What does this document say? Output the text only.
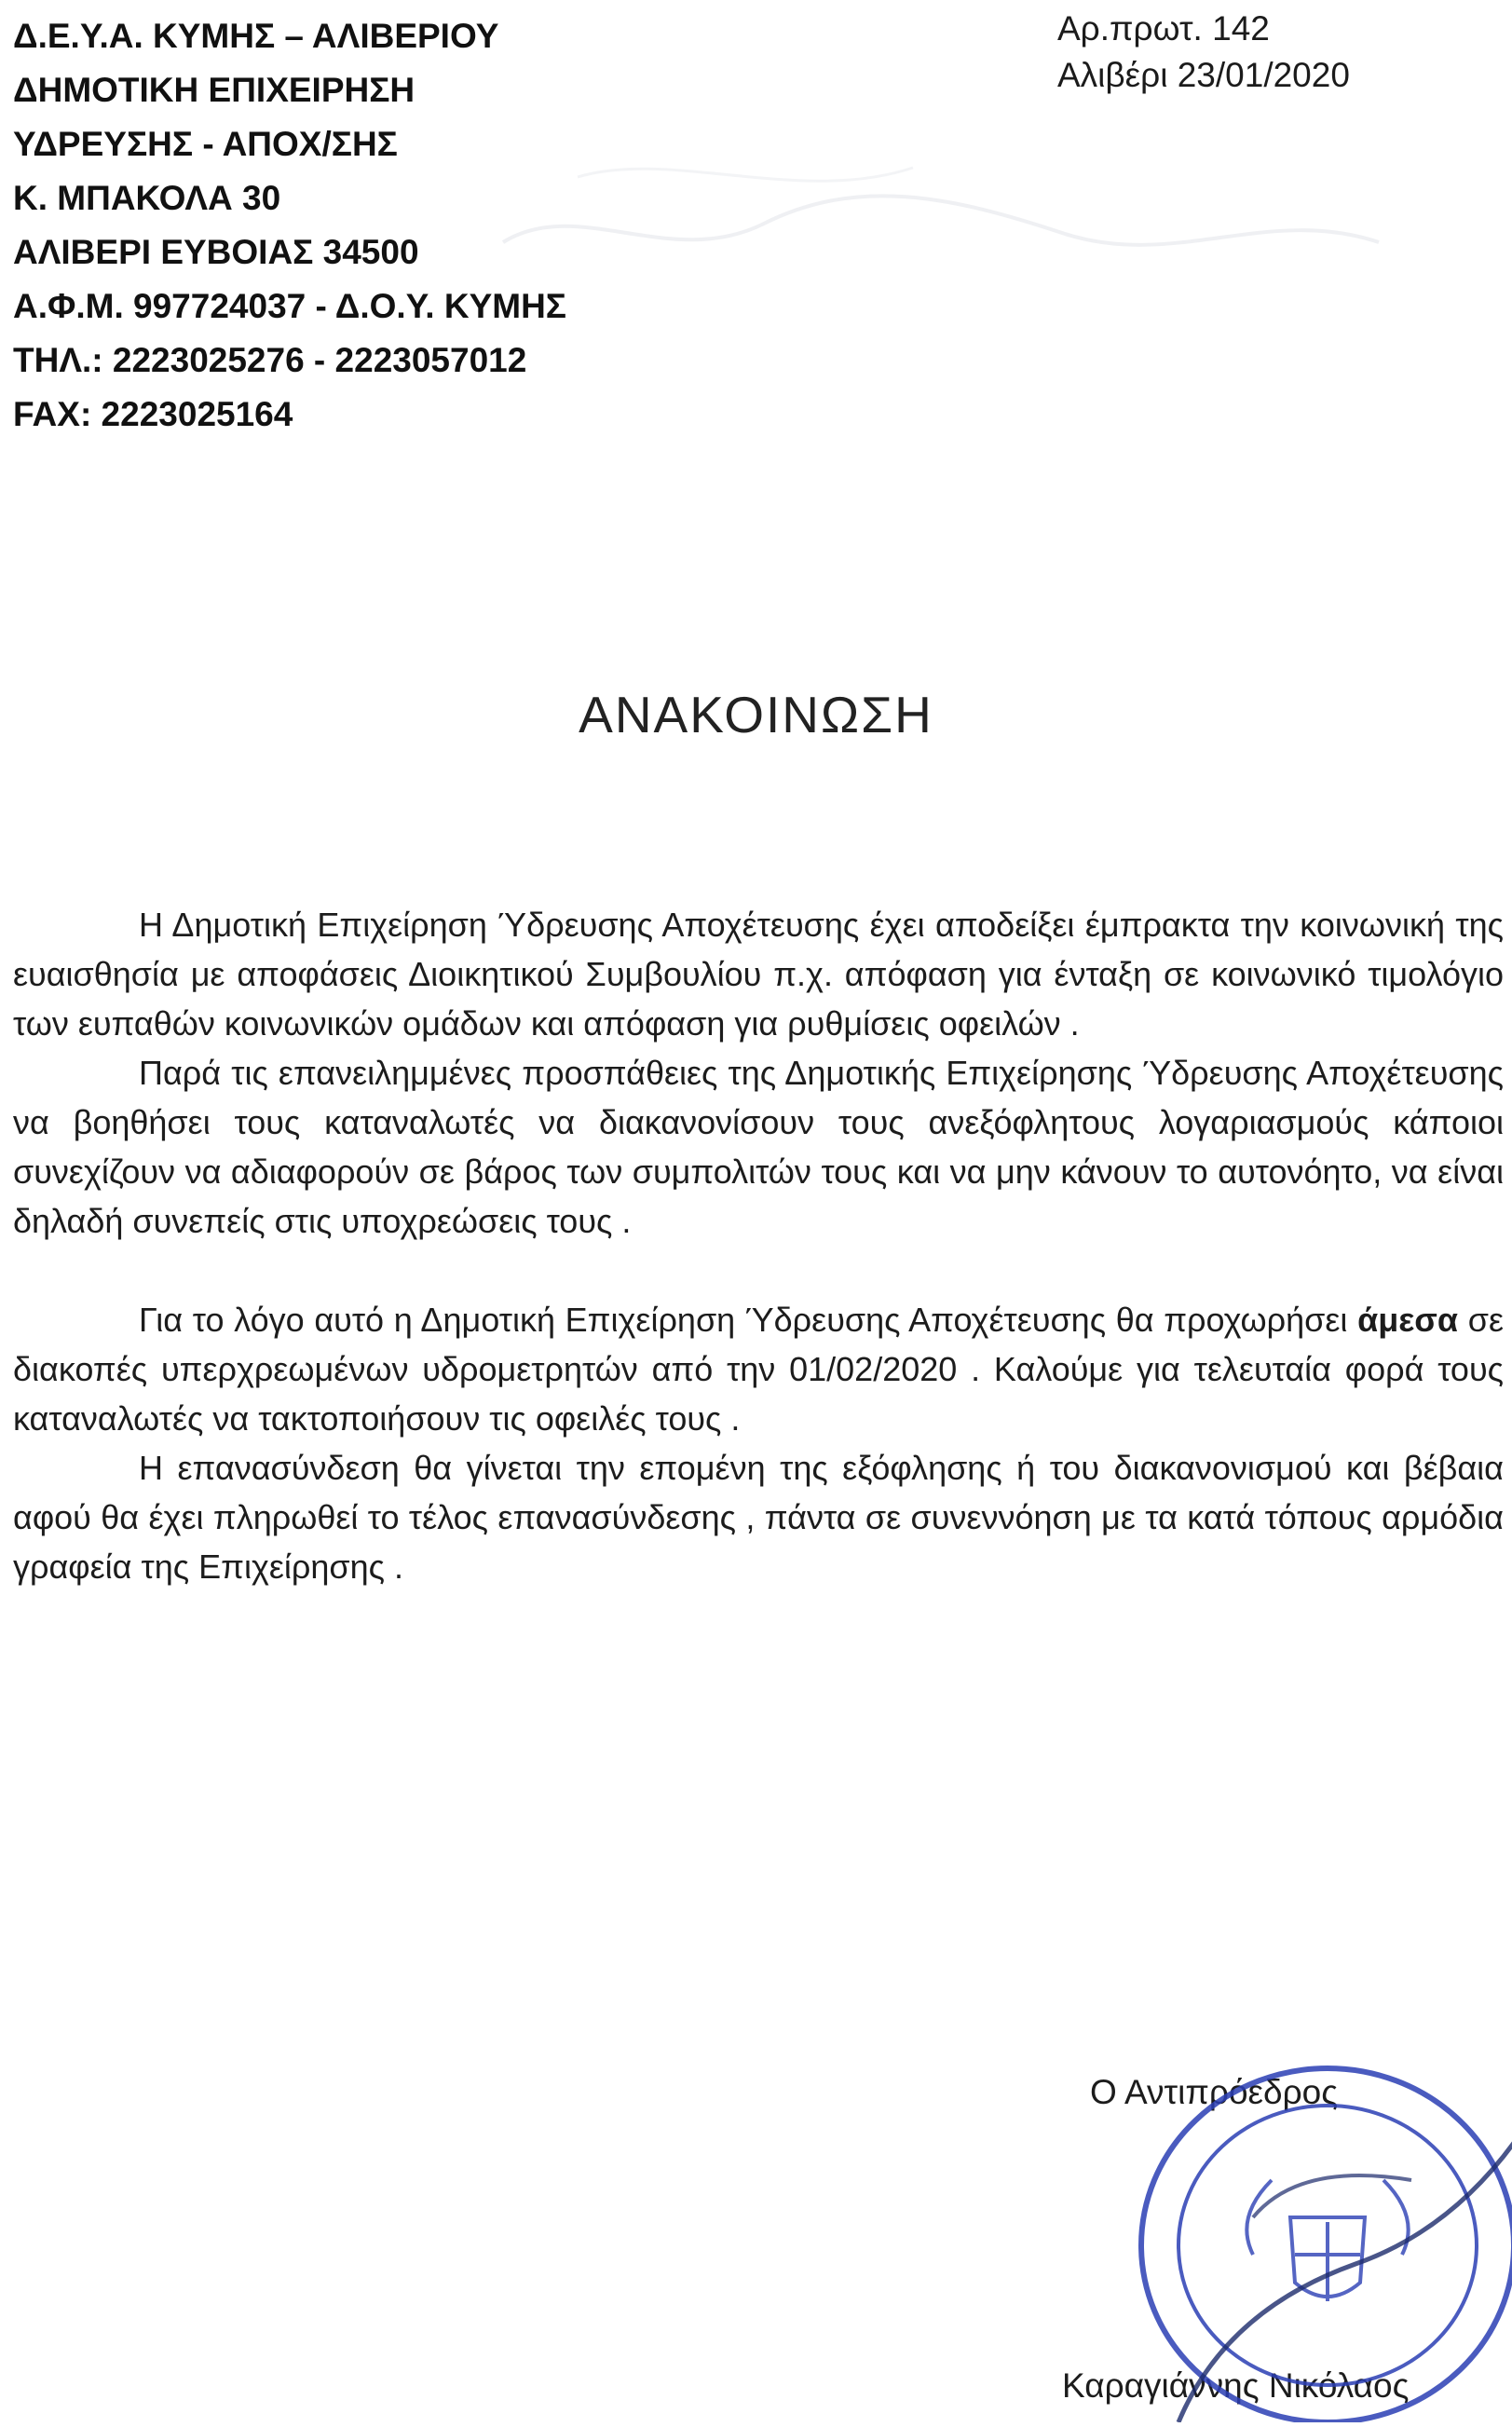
Δ.Ε.Υ.Α. ΚΥΜΗΣ – ΑΛΙΒΕΡΙΟΥ
ΔΗΜΟΤΙΚΗ ΕΠΙΧΕΙΡΗΣΗ
ΥΔΡΕΥΣΗΣ - ΑΠΟΧ/ΣΗΣ
Κ. ΜΠΑΚΟΛΑ 30
ΑΛΙΒΕΡΙ ΕΥΒΟΙΑΣ 34500
Α.Φ.Μ. 997724037 - Δ.Ο.Υ. ΚΥΜΗΣ
ΤΗΛ.: 2223025276 - 2223057012
FAX: 2223025164
Αρ.πρωτ. 142
Αλιβέρι 23/01/2020
ΑΝΑΚΟΙΝΩΣΗ

Η Δημοτική Επιχείρηση Ύδρευσης Αποχέτευσης έχει αποδείξει έμπρακτα την κοινωνική της ευαισθησία με αποφάσεις Διοικητικού Συμβουλίου π.χ. απόφαση για ένταξη σε κοινωνικό τιμολόγιο των ευπαθών κοινωνικών ομάδων και απόφαση για ρυθμίσεις οφειλών .

Παρά τις επανειλημμένες προσπάθειες της Δημοτικής Επιχείρησης Ύδρευσης Αποχέτευσης να βοηθήσει τους καταναλωτές να διακανονίσουν τους ανεξόφλητους λογαριασμούς κάποιοι συνεχίζουν να αδιαφορούν σε βάρος των συμπολιτών τους και να μην κάνουν το αυτονόητο, να είναι δηλαδή συνεπείς στις υποχρεώσεις τους .

Για το λόγο αυτό η Δημοτική Επιχείρηση Ύδρευσης Αποχέτευσης θα προχωρήσει άμεσα σε διακοπές υπερχρεωμένων υδρομετρητών από την 01/02/2020 . Καλούμε για τελευταία φορά τους καταναλωτές να τακτοποιήσουν τις οφειλές τους .

Η επανασύνδεση θα γίνεται την επομένη της εξόφλησης ή του διακανονισμού και βέβαια αφού θα έχει πληρωθεί το τέλος επανασύνδεσης , πάντα σε συνεννόηση με τα κατά τόπους αρμόδια γραφεία της Επιχείρησης .

Ο Αντιπρόεδρος
Καραγιάννης Νικόλαος
